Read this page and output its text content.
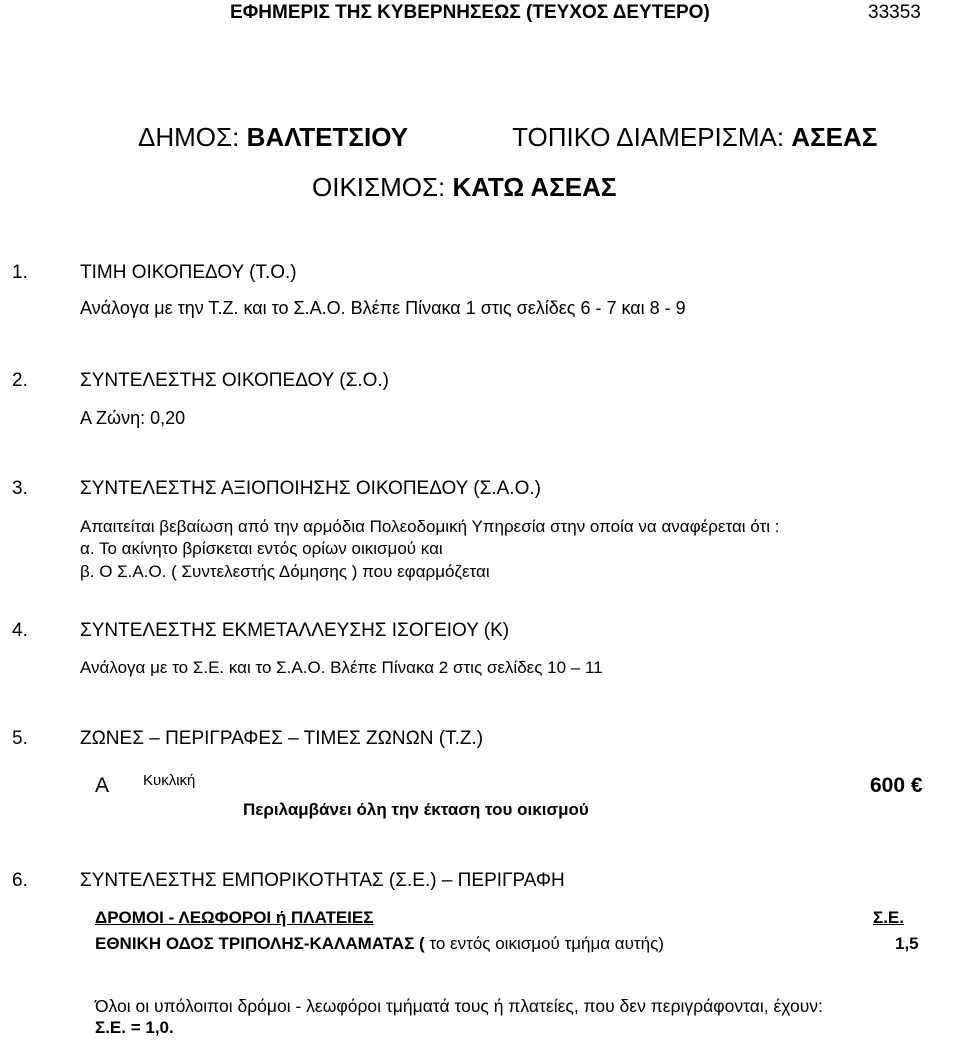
ΕΦΗΜΕΡΙΣ ΤΗΣ ΚΥΒΕΡΝΗΣΕΩΣ (ΤΕΥΧΟΣ ΔΕΥΤΕΡΟ)	33353
ΔΗΜΟΣ: ΒΑΛΤΕΤΣΙΟΥ	ΤΟΠΙΚΟ ΔΙΑΜΕΡΙΣΜΑ: ΑΣΕΑΣ
ΟΙΚΙΣΜΟΣ: ΚΑΤΩ ΑΣΕΑΣ
1.	ΤΙΜΗ ΟΙΚΟΠΕΔΟΥ (Τ.Ο.)
Ανάλογα με την Τ.Ζ. και το Σ.Α.Ο. Βλέπε Πίνακα 1 στις σελίδες 6 - 7 και 8 - 9
2.	ΣΥΝΤΕΛΕΣΤΗΣ ΟΙΚΟΠΕΔΟΥ (Σ.Ο.)
Α Ζώνη: 0,20
3.	ΣΥΝΤΕΛΕΣΤΗΣ ΑΞΙΟΠΟΙΗΣΗΣ ΟΙΚΟΠΕΔΟΥ (Σ.Α.Ο.)
Απαιτείται βεβαίωση από την αρμόδια Πολεοδομική Υπηρεσία στην οποία να αναφέρεται ότι :
α. Το ακίνητο βρίσκεται εντός ορίων οικισμού και
β. Ο Σ.Α.Ο. ( Συντελεστής Δόμησης ) που εφαρμόζεται
4.	ΣΥΝΤΕΛΕΣΤΗΣ ΕΚΜΕΤΑΛΛΕΥΣΗΣ ΙΣΟΓΕΙΟΥ (Κ)
Ανάλογα με το Σ.Ε. και το Σ.Α.Ο. Βλέπε Πίνακα 2 στις σελίδες 10 – 11
5.	ΖΩΝΕΣ – ΠΕΡΙΓΡΑΦΕΣ – ΤΙΜΕΣ ΖΩΝΩΝ (Τ.Ζ.)
Α Κυκλική	600 €
Περιλαμβάνει όλη την έκταση του οικισμού
6.	ΣΥΝΤΕΛΕΣΤΗΣ ΕΜΠΟΡΙΚΟΤΗΤΑΣ (Σ.Ε.) – ΠΕΡΙΓΡΑΦΗ
ΔΡΟΜΟΙ - ΛΕΩΦΟΡΟΙ ή ΠΛΑΤΕΙΕΣ	Σ.Ε.
ΕΘΝΙΚΗ ΟΔΟΣ ΤΡΙΠΟΛΗΣ-ΚΑΛΑΜΑΤΑΣ ( το εντός οικισμού τμήμα αυτής)	1,5
Όλοι οι υπόλοιποι δρόμοι - λεωφόροι τμήματά τους ή πλατείες, που δεν περιγράφονται, έχουν:
Σ.Ε. = 1,0.
